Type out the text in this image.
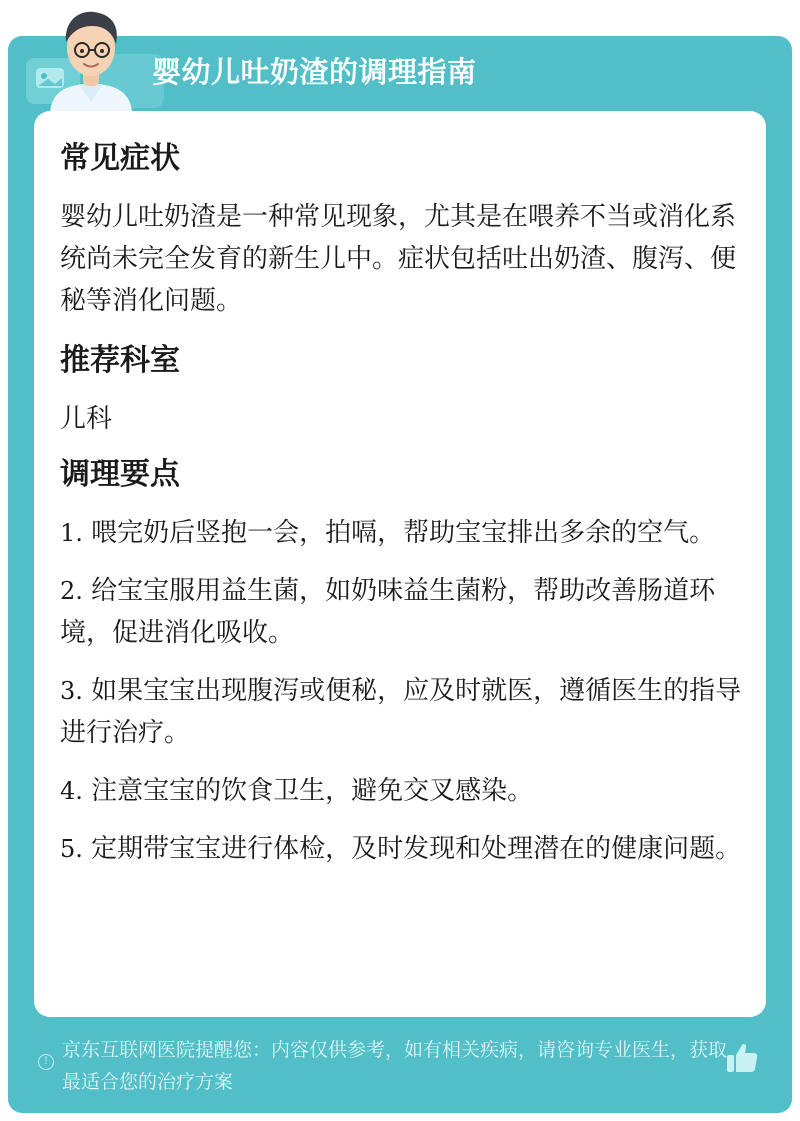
婴幼儿吐奶渣的调理指南
常见症状

婴幼儿吐奶渣是一种常见现象，尤其是在喂养不当或消化系统尚未完全发育的新生儿中。症状包括吐出奶渣、腹泻、便秘等消化问题。

推荐科室

儿科

调理要点

1. 喂完奶后竖抱一会，拍嗝，帮助宝宝排出多余的空气。

2. 给宝宝服用益生菌，如奶味益生菌粉，帮助改善肠道环境，促进消化吸收。

3. 如果宝宝出现腹泻或便秘，应及时就医，遵循医生的指导进行治疗。

4. 注意宝宝的饮食卫生，避免交叉感染。

5. 定期带宝宝进行体检，及时发现和处理潜在的健康问题。

!
京东互联网医院提醒您：内容仅供参考，如有相关疾病，请咨询专业医生，获取最适合您的治疗方案
